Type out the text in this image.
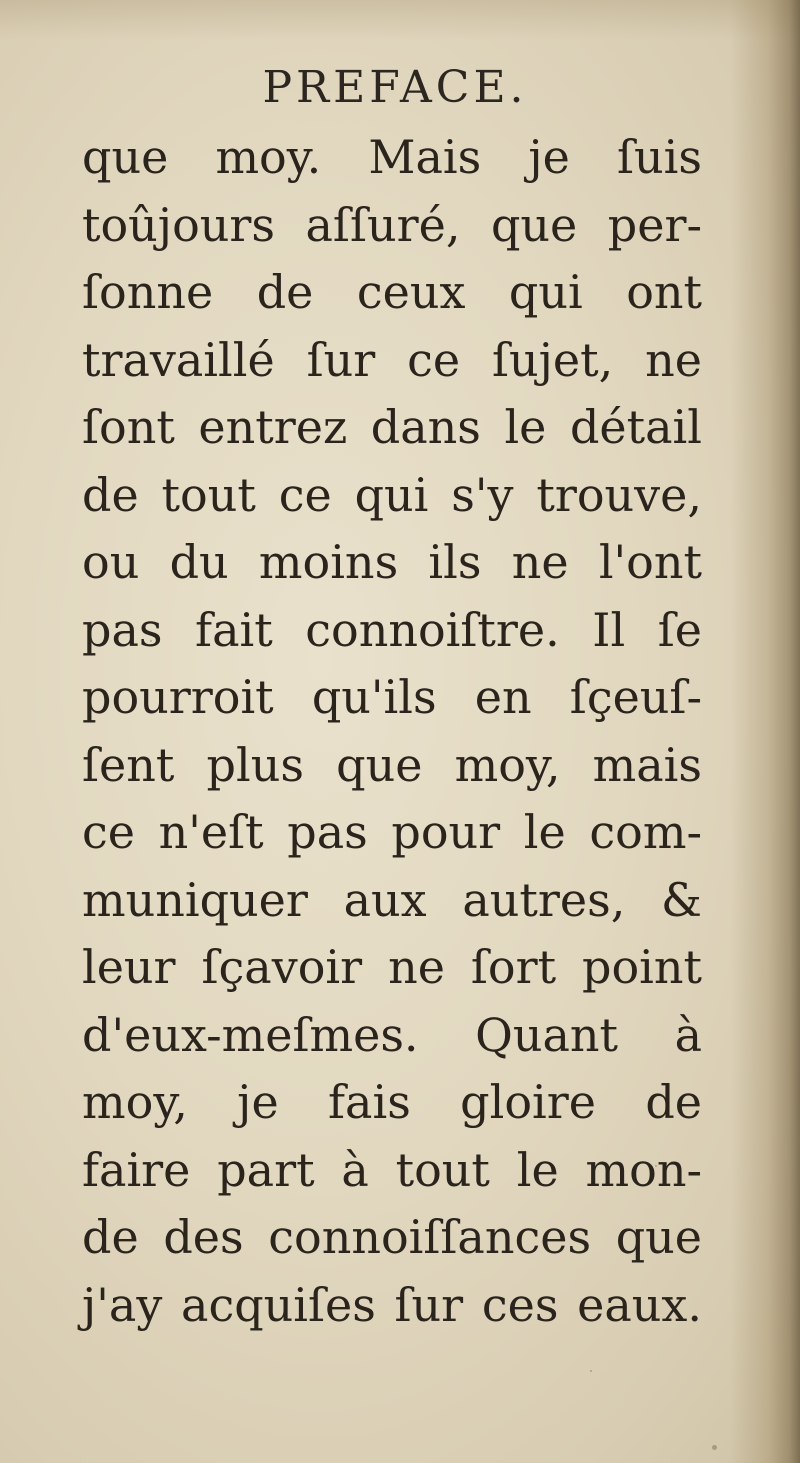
PREFACE.
que moy. Mais je ſuis
toûjours aſſuré, que per-
ſonne de ceux qui ont
travaillé ſur ce ſujet, ne
ſont entrez dans le détail
de tout ce qui s'y trouve,
ou du moins ils ne l'ont
pas fait connoiſtre. Il ſe
pourroit qu'ils en ſçeuſ-
ſent plus que moy, mais
ce n'eſt pas pour le com-
muniquer aux autres, &
leur ſçavoir ne ſort point
d'eux-meſmes. Quant à
moy, je fais gloire de
faire part à tout le mon-
de des connoiſſances que
j'ay acquiſes ſur ces eaux.
